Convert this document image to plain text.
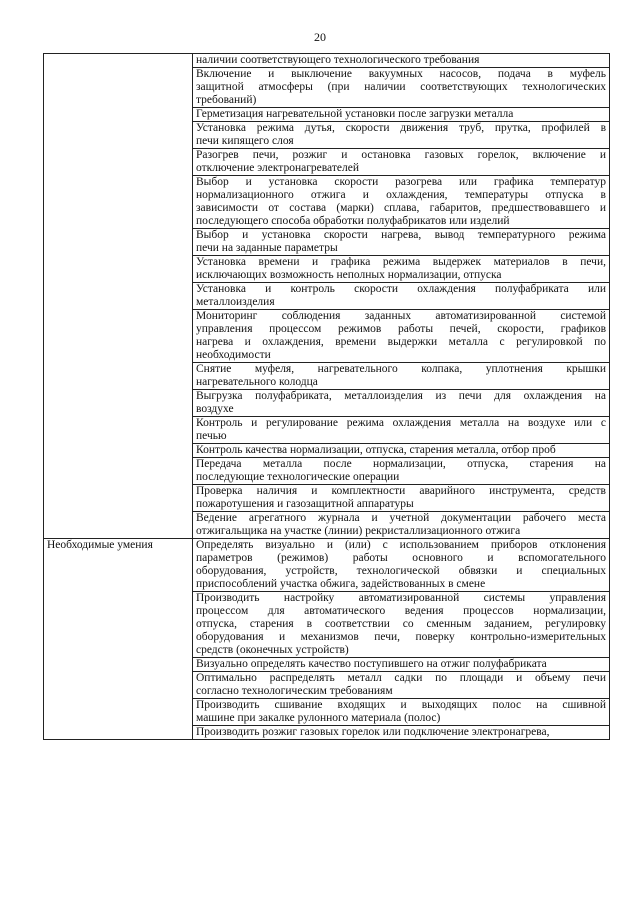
20

	наличии соответствующего технологического требования

	Включение и выключение вакуумных насосов, подача в муфель
защитной атмосферы (при наличии соответствующих технологических
требований)

	Герметизация нагревательной установки после загрузки металла

	Установка режима дутья, скорости движения труб, прутка, профилей в
печи кипящего слоя

	Разогрев печи, розжиг и остановка газовых горелок, включение и
отключение электронагревателей

	Выбор и установка скорости разогрева или графика температур
нормализационного отжига и охлаждения, температуры отпуска в
зависимости от состава (марки) сплава, габаритов, предшествовавшего и
последующего способа обработки полуфабрикатов или изделий

	Выбор и установка скорости нагрева, вывод температурного режима
печи на заданные параметры

	Установка времени и графика режима выдержек материалов в печи,
исключающих возможность неполных нормализации, отпуска

	Установка и контроль скорости охлаждения полуфабриката или
металлоизделия

	Мониторинг соблюдения заданных автоматизированной системой
управления процессом режимов работы печей, скорости, графиков
нагрева и охлаждения, времени выдержки металла с регулировкой по
необходимости

	Снятие муфеля, нагревательного колпака, уплотнения крышки
нагревательного колодца

	Выгрузка полуфабриката, металлоизделия из печи для охлаждения на
воздухе

	Контроль и регулирование режима охлаждения металла на воздухе или с
печью

	Контроль качества нормализации, отпуска, старения металла, отбор проб

	Передача металла после нормализации, отпуска, старения на
последующие технологические операции

	Проверка наличия и комплектности аварийного инструмента, средств
пожаротушения и газозащитной аппаратуры

	Ведение агрегатного журнала и учетной документации рабочего места
отжигальщика на участке (линии) рекристаллизационного отжига

Необходимые умения	Определять визуально и (или) с использованием приборов отклонения
параметров (режимов) работы основного и вспомогательного
оборудования, устройств, технологической обвязки и специальных
приспособлений участка обжига, задействованных в смене

	Производить настройку автоматизированной системы управления
процессом для автоматического ведения процессов нормализации,
отпуска, старения в соответствии со сменным заданием, регулировку
оборудования и механизмов печи, поверку контрольно-измерительных
средств (оконечных устройств)

	Визуально определять качество поступившего на отжиг полуфабриката

	Оптимально распределять металл садки по площади и объему печи
согласно технологическим требованиям

	Производить сшивание входящих и выходящих полос на сшивной
машине при закалке рулонного материала (полос)

	Производить розжиг газовых горелок или подключение электронагрева,
